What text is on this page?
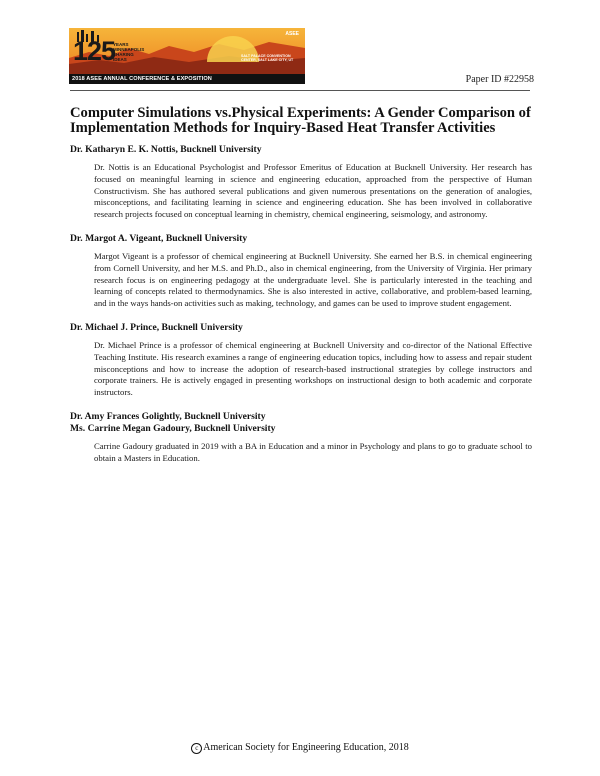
125
YEARS MINNEAPOLIS SHARING IDEAS
ASEE
SALT PALACE CONVENTION CENTER, SALT LAKE CITY, UT
2018 ASEE ANNUAL CONFERENCE & EXPOSITION	Paper ID #22958
Computer Simulations vs.Physical Experiments: A Gender Comparison of Implementation Methods for Inquiry-Based Heat Transfer Activities

Dr. Katharyn E. K. Nottis, Bucknell University

Dr. Nottis is an Educational Psychologist and Professor Emeritus of Education at Bucknell University. Her research has focused on meaningful learning in science and engineering education, approached from the perspective of Human Constructivism. She has authored several publications and given numerous presentations on the generation of analogies, misconceptions, and facilitating learning in science and engineering education. She has been involved in collaborative research projects focused on conceptual learning in chemistry, chemical engineering, seismology, and astronomy.

Dr. Margot A. Vigeant, Bucknell University

Margot Vigeant is a professor of chemical engineering at Bucknell University. She earned her B.S. in chemical engineering from Cornell University, and her M.S. and Ph.D., also in chemical engineering, from the University of Virginia. Her primary research focus is on engineering pedagogy at the undergraduate level. She is particularly interested in the teaching and learning of concepts related to thermodynamics. She is also interested in active, collaborative, and problem-based learning, and in the ways hands-on activities such as making, technology, and games can be used to improve student engagement.

Dr. Michael J. Prince, Bucknell University

Dr. Michael Prince is a professor of chemical engineering at Bucknell University and co-director of the National Effective Teaching Institute. His research examines a range of engineering education topics, including how to assess and repair student misconceptions and how to increase the adoption of research-based instructional strategies by college instructors and corporate trainers. He is actively engaged in presenting workshops on instructional design to both academic and corporate instructors.

Dr. Amy Frances Golightly, Bucknell University

Ms. Carrine Megan Gadoury, Bucknell University

Carrine Gadoury graduated in 2019 with a BA in Education and a minor in Psychology and plans to go to graduate school to obtain a Masters in Education.

c American Society for Engineering Education, 2018
